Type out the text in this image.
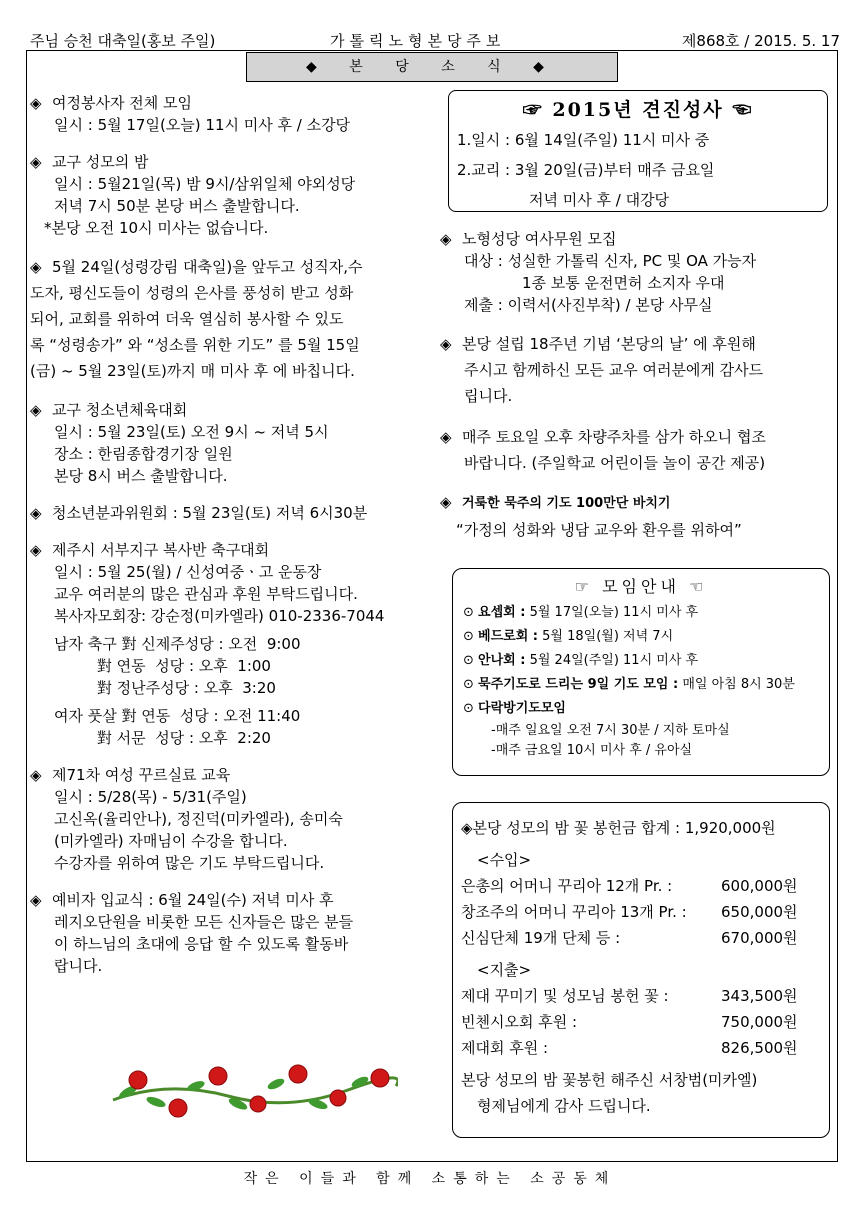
주님 승천 대축일(홍보 주일)	가톨릭노형본당주보	제868호 / 2015. 5. 17
◆ 본 당 소 식 ◆
◈ 여정봉사자 전체 모임
일시 : 5월 17일(오늘) 11시 미사 후 / 소강당
◈ 교구 성모의 밤
일시 : 5월21일(목) 밤 9시/삼위일체 야외성당
저녁 7시 50분 본당 버스 출발합니다.
*본당 오전 10시 미사는 없습니다.
◈ 5월 24일(성령강림 대축일)을 앞두고 성직자,수
도자, 평신도들이 성령의 은사를 풍성히 받고 성화
되어, 교회를 위하여 더욱 열심히 봉사할 수 있도
록 “성령송가” 와 “성소를 위한 기도” 를 5월 15일
(금) ~ 5월 23일(토)까지 매 미사 후 에 바칩니다.
◈ 교구 청소년체육대회
일시 : 5월 23일(토) 오전 9시 ~ 저녁 5시
장소 : 한림종합경기장 일원
본당 8시 버스 출발합니다.
◈ 청소년분과위원회 : 5월 23일(토) 저녁 6시30분
◈ 제주시 서부지구 복사반 축구대회
일시 : 5월 25(월) / 신성여중ㆍ고 운동장
교우 여러분의 많은 관심과 후원 부탁드립니다.
복사자모회장: 강순정(미카엘라) 010-2336-7044
남자 축구 對 신제주성당 : 오전  9:00
對 연동  성당 : 오후  1:00
對 정난주성당 : 오후  3:20
여자 풋살 對 연동  성당 : 오전 11:40
對 서문  성당 : 오후  2:20
◈ 제71차 여성 꾸르실료 교육
일시 : 5/28(목) - 5/31(주일)
고신옥(율리안나), 정진덕(미카엘라), 송미숙
(미카엘라) 자매님이 수강을 합니다.
수강자를 위하여 많은 기도 부탁드립니다.
◈ 예비자 입교식 : 6월 24일(수) 저녁 미사 후
레지오단원을 비롯한 모든 신자들은 많은 분들
이 하느님의 초대에 응답 할 수 있도록 활동바
랍니다.
☞ 2015년 견진성사 ☜
1.일시 : 6월 14일(주일) 11시 미사 중
2.교리 : 3월 20일(금)부터 매주 금요일
저녁 미사 후 / 대강당
◈ 노형성당 여사무원 모집
대상 : 성실한 가톨릭 신자, PC 및 OA 가능자
1종 보통 운전면허 소지자 우대
제출 : 이력서(사진부착) / 본당 사무실
◈ 본당 설립 18주년 기념 ‘본당의 날’ 에 후원해
주시고 함께하신 모든 교우 여러분에게 감사드
립니다.
◈ 매주 토요일 오후 차량주차를 삼가 하오니 협조
바랍니다. (주일학교 어린이들 놀이 공간 제공)
◈ 거룩한 묵주의 기도 100만단 바치기
“가정의 성화와 냉담 교우와 환우를 위하여”
☞ 모임안내 ☜
⊙ 요셉회 : 5월 17일(오늘) 11시 미사 후
⊙ 베드로회 : 5월 18일(월) 저녁 7시
⊙ 안나회 : 5월 24일(주일) 11시 미사 후
⊙ 묵주기도로 드리는 9일 기도 모임 : 매일 아침 8시 30분
⊙ 다락방기도모임
-매주 일요일 오전 7시 30분 / 지하 토마실
-매주 금요일 10시 미사 후 / 유아실
◈본당 성모의 밤 꽃 봉헌금 합계 : 1,920,000원
<수입>
은총의 어머니 꾸리아 12개 Pr. :	600,000원
창조주의 어머니 꾸리아 13개 Pr. :	650,000원
신심단체 19개 단체 등 :	670,000원
<지출>
제대 꾸미기 및 성모님 봉헌 꽃 :	343,500원
빈첸시오회 후원 :	750,000원
제대회 후원 :	826,500원
본당 성모의 밤 꽃봉헌 해주신 서창범(미카엘)
형제님에게 감사 드립니다.
작은 이들과 함께 소통하는 소공동체
